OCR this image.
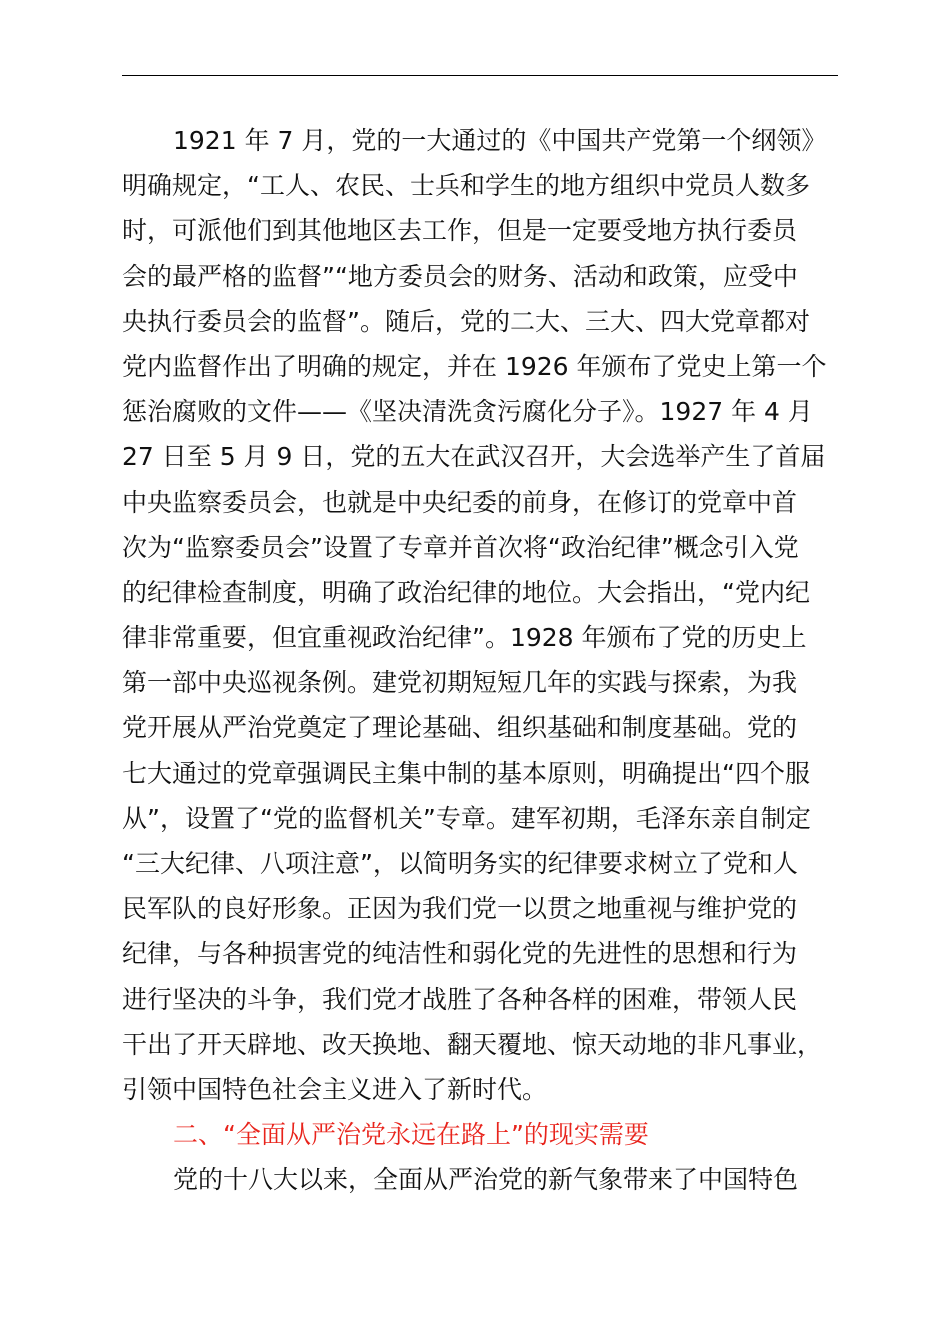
1921 年 7 月，党的一大通过的《中国共产党第一个纲领》
明确规定，“工人、农民、士兵和学生的地方组织中党员人数多
时，可派他们到其他地区去工作，但是一定要受地方执行委员
会的最严格的监督”“地方委员会的财务、活动和政策，应受中
央执行委员会的监督”。随后，党的二大、三大、四大党章都对
党内监督作出了明确的规定，并在 1926 年颁布了党史上第一个
惩治腐败的文件——《坚决清洗贪污腐化分子》。1927 年 4 月
27 日至 5 月 9 日，党的五大在武汉召开，大会选举产生了首届
中央监察委员会，也就是中央纪委的前身，在修订的党章中首
次为“监察委员会”设置了专章并首次将“政治纪律”概念引入党
的纪律检查制度，明确了政治纪律的地位。大会指出，“党内纪
律非常重要，但宜重视政治纪律”。1928 年颁布了党的历史上
第一部中央巡视条例。建党初期短短几年的实践与探索，为我
党开展从严治党奠定了理论基础、组织基础和制度基础。党的
七大通过的党章强调民主集中制的基本原则，明确提出“四个服
从”，设置了“党的监督机关”专章。建军初期，毛泽东亲自制定
“三大纪律、八项注意”，以简明务实的纪律要求树立了党和人
民军队的良好形象。正因为我们党一以贯之地重视与维护党的
纪律，与各种损害党的纯洁性和弱化党的先进性的思想和行为
进行坚决的斗争，我们党才战胜了各种各样的困难，带领人民
干出了开天辟地、改天换地、翻天覆地、惊天动地的非凡事业，
引领中国特色社会主义进入了新时代。
二、“全面从严治党永远在路上”的现实需要
党的十八大以来，全面从严治党的新气象带来了中国特色
